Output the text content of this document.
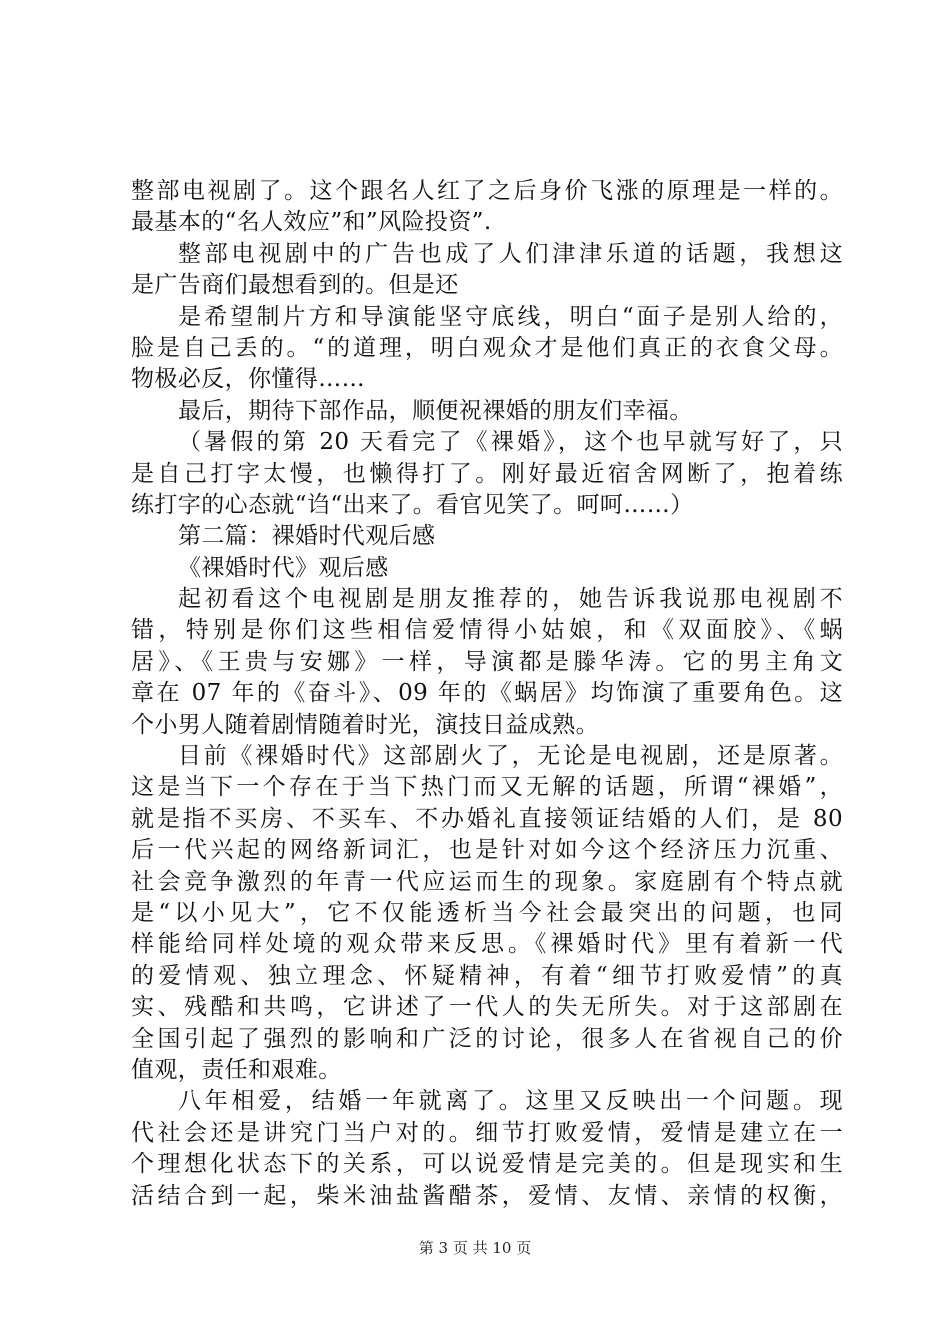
整部电视剧了。这个跟名人红了之后身价飞涨的原理是一样的。
最基本的“名人效应”和”风险投资”.
整部电视剧中的广告也成了人们津津乐道的话题，我想这
是广告商们最想看到的。但是还
是希望制片方和导演能坚守底线，明白“面子是别人给的，
脸是自己丢的。“的道理，明白观众才是他们真正的衣食父母。
物极必反，你懂得……
最后，期待下部作品，顺便祝裸婚的朋友们幸福。
（暑假的第 20 天看完了《裸婚》，这个也早就写好了，只
是自己打字太慢，也懒得打了。刚好最近宿舍网断了，抱着练
练打字的心态就“诌“出来了。看官见笑了。呵呵……）
第二篇：裸婚时代观后感
《裸婚时代》观后感
起初看这个电视剧是朋友推荐的，她告诉我说那电视剧不
错，特别是你们这些相信爱情得小姑娘，和《双面胶》、《蜗
居》、《王贵与安娜》一样，导演都是滕华涛。它的男主角文
章在 07 年的《奋斗》、09 年的《蜗居》均饰演了重要角色。这
个小男人随着剧情随着时光，演技日益成熟。
目前《裸婚时代》这部剧火了，无论是电视剧，还是原著。
这是当下一个存在于当下热门而又无解的话题，所谓“裸婚”，
就是指不买房、不买车、不办婚礼直接领证结婚的人们，是 80
后一代兴起的网络新词汇，也是针对如今这个经济压力沉重、
社会竞争激烈的年青一代应运而生的现象。家庭剧有个特点就
是“以小见大”，它不仅能透析当今社会最突出的问题，也同
样能给同样处境的观众带来反思。《裸婚时代》里有着新一代
的爱情观、独立理念、怀疑精神，有着“细节打败爱情”的真
实、残酷和共鸣，它讲述了一代人的失无所失。对于这部剧在
全国引起了强烈的影响和广泛的讨论，很多人在省视自己的价
值观，责任和艰难。
八年相爱，结婚一年就离了。这里又反映出一个问题。现
代社会还是讲究门当户对的。细节打败爱情，爱情是建立在一
个理想化状态下的关系，可以说爱情是完美的。但是现实和生
活结合到一起，柴米油盐酱醋茶，爱情、友情、亲情的权衡，
第 3 页 共 10 页
